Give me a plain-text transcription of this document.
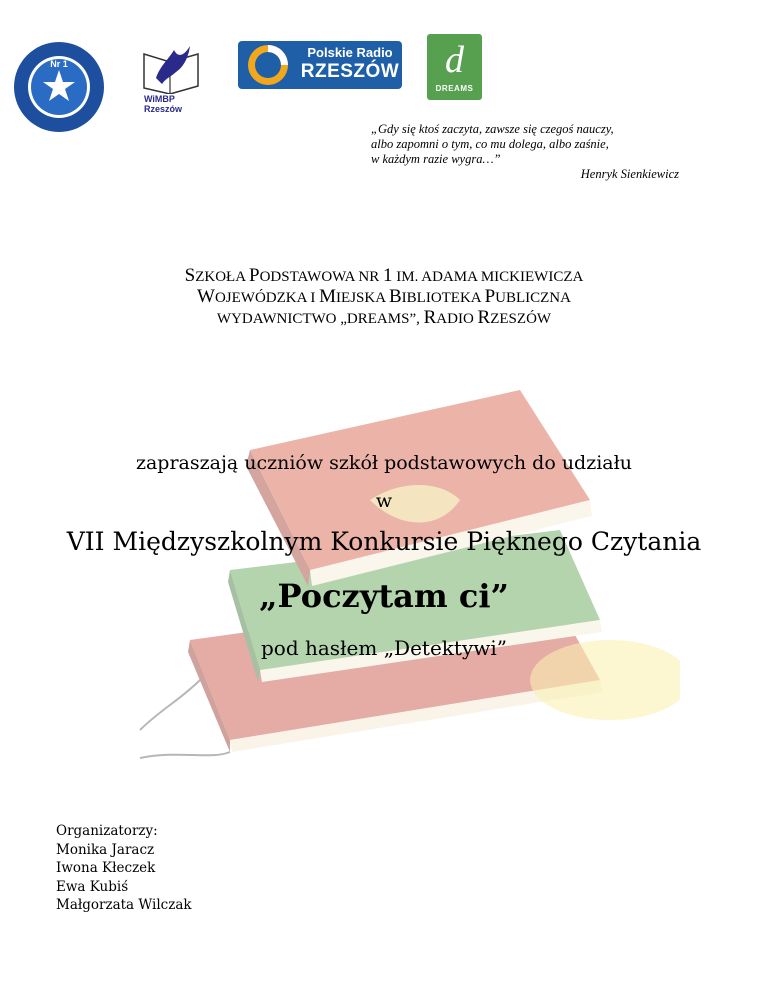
Nr 1
WiMBP Rzeszów
Polskie Radio
RZESZÓW	d
DREAMS
„Gdy się ktoś zaczyta, zawsze się czegoś nauczy,
albo zapomni o tym, co mu dolega, albo zaśnie,
w każdym razie wygra…”
Henryk Sienkiewicz
SZKOŁA PODSTAWOWA NR 1 IM. ADAMA MICKIEWICZA
WOJEWÓDZKA I MIEJSKA BIBLIOTEKA PUBLICZNA
WYDAWNICTWO „DREAMS”, RADIO RZESZÓW
zapraszają uczniów szkół podstawowych do udziału
w
VII Międzyszkolnym Konkursie Pięknego Czytania
„Poczytam ci”
pod hasłem „Detektywi”
Organizatorzy:
Monika Jaracz
Iwona Kłeczek
Ewa Kubiś
Małgorzata Wilczak
